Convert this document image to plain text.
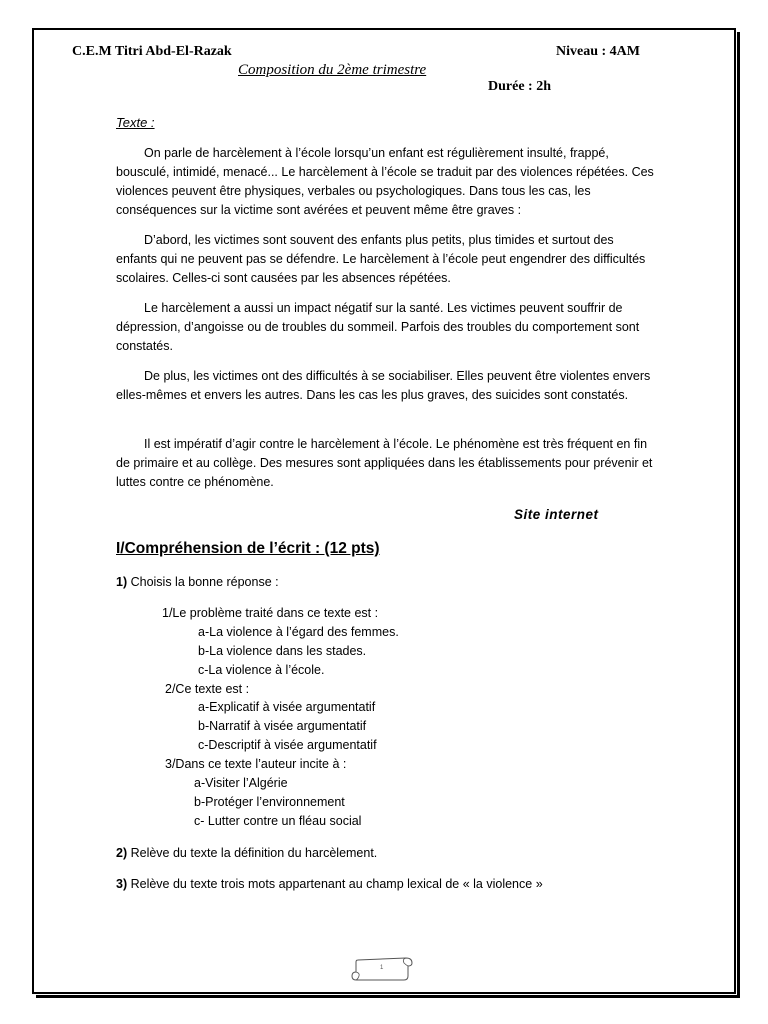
C.E.M Titri Abd-El-Razak	Niveau : 4AM
Composition du 2ème trimestre
Durée : 2h
Texte :
On parle de harcèlement à l’école lorsqu’un enfant est régulièrement insulté, frappé, bousculé, intimidé, menacé... Le harcèlement à l’école se traduit par des violences répétées. Ces violences peuvent être physiques, verbales ou psychologiques. Dans tous les cas, les conséquences sur la victime sont avérées et peuvent même être graves :
D’abord, les victimes sont souvent des enfants plus petits, plus timides et surtout des enfants qui ne peuvent pas se défendre. Le harcèlement à l’école peut engendrer des difficultés scolaires. Celles-ci sont causées par les absences répétées.
Le harcèlement a aussi un impact négatif sur la santé. Les victimes peuvent souffrir de dépression, d’angoisse ou de troubles du sommeil. Parfois des troubles du comportement sont constatés.
De plus, les victimes ont des difficultés à se sociabiliser. Elles peuvent être violentes envers elles-mêmes et envers les autres. Dans les cas les plus graves, des suicides sont constatés.
Il est impératif d’agir contre le harcèlement à l’école. Le phénomène est très fréquent en fin de primaire et au collège. Des mesures sont appliquées dans les établissements pour prévenir et luttes contre ce phénomène.
Site internet
I/Compréhension de l’écrit : (12 pts)
1) Choisis la bonne réponse :
1/Le problème traité dans ce texte est :
a-La violence à l’égard des femmes.
b-La violence dans les stades.
c-La violence à l’école.
2/Ce texte est :
a-Explicatif à visée argumentatif
b-Narratif à visée argumentatif
c-Descriptif à visée argumentatif
3/Dans ce texte l’auteur incite à :
a-Visiter l’Algérie
b-Protéger l’environnement
c- Lutter contre un fléau social
2) Relève du texte la définition du harcèlement.
3) Relève du texte trois mots appartenant au champ lexical de « la violence »
1
